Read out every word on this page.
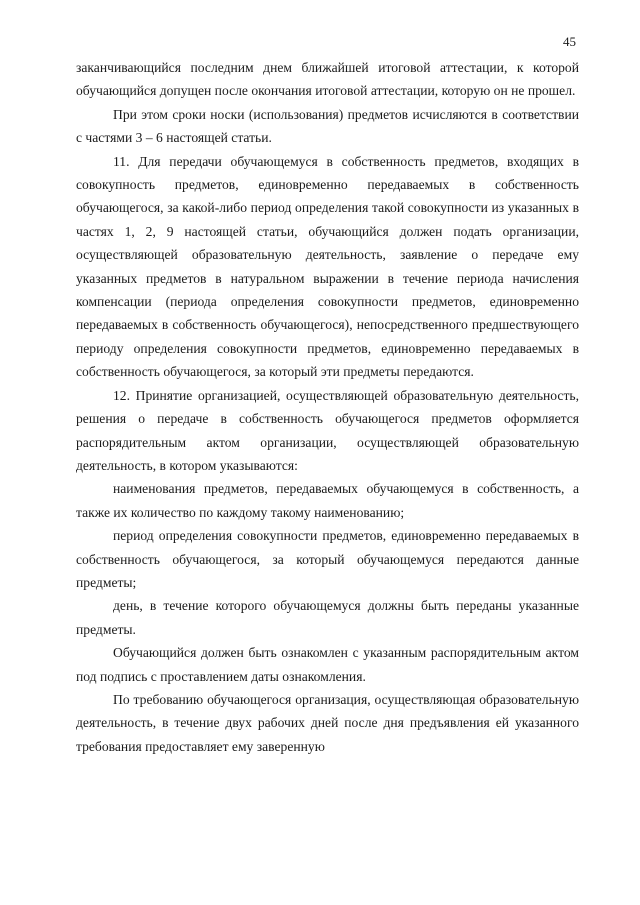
45

заканчивающийся последним днем ближайшей итоговой аттестации, к которой обучающийся допущен после окончания итоговой аттестации, которую он не прошел.

При этом сроки носки (использования) предметов исчисляются в соответствии с частями 3 – 6 настоящей статьи.

11. Для передачи обучающемуся в собственность предметов, входящих в совокупность предметов, единовременно передаваемых в собственность обучающегося, за какой-либо период определения такой совокупности из указанных в частях 1, 2, 9 настоящей статьи, обучающийся должен подать организации, осуществляющей образовательную деятельность, заявление о передаче ему указанных предметов в натуральном выражении в течение периода начисления компенсации (периода определения совокупности предметов, единовременно передаваемых в собственность обучающегося), непосредственного предшествующего периоду определения совокупности предметов, единовременно передаваемых в собственность обучающегося, за который эти предметы передаются.

12. Принятие организацией, осуществляющей образовательную деятельность, решения о передаче в собственность обучающегося предметов оформляется распорядительным актом организации, осуществляющей образовательную деятельность, в котором указываются:

наименования предметов, передаваемых обучающемуся в собственность, а также их количество по каждому такому наименованию;

период определения совокупности предметов, единовременно передаваемых в собственность обучающегося, за который обучающемуся передаются данные предметы;

день, в течение которого обучающемуся должны быть переданы указанные предметы.

Обучающийся должен быть ознакомлен с указанным распорядительным актом под подпись с проставлением даты ознакомления.

По требованию обучающегося организация, осуществляющая образовательную деятельность, в течение двух рабочих дней после дня предъявления ей указанного требования предоставляет ему заверенную
